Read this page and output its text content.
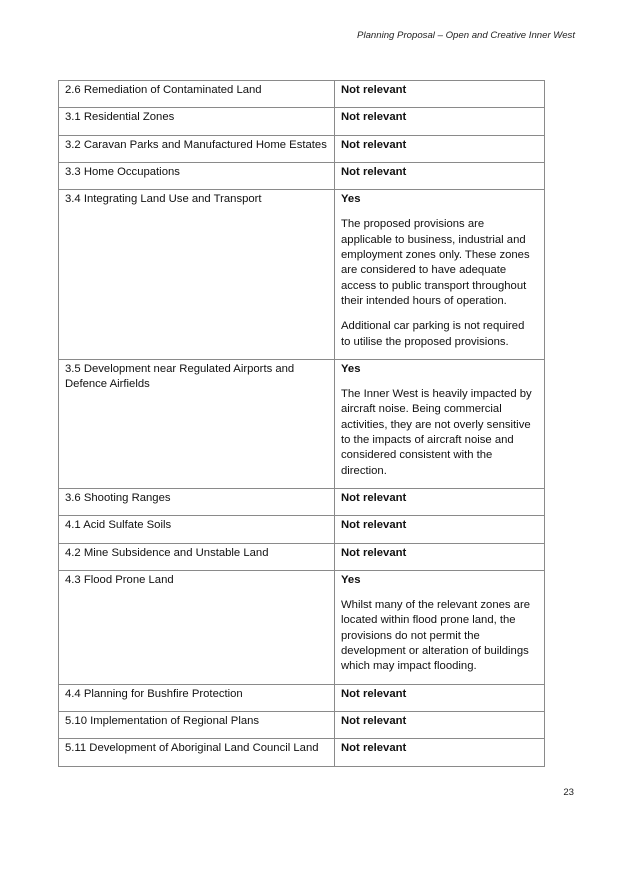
Planning Proposal – Open and Creative Inner West
2.6 Remediation of Contaminated Land	Not relevant

3.1 Residential Zones	Not relevant

3.2 Caravan Parks and Manufactured Home Estates	Not relevant

3.3 Home Occupations	Not relevant

3.4 Integrating Land Use and Transport	Yes
The proposed provisions are applicable to business, industrial and employment zones only. These zones are considered to have adequate access to public transport throughout their intended hours of operation.
Additional car parking is not required to utilise the proposed provisions.

3.5 Development near Regulated Airports and Defence Airfields	Yes
The Inner West is heavily impacted by aircraft noise. Being commercial activities, they are not overly sensitive to the impacts of aircraft noise and considered consistent with the direction.

3.6 Shooting Ranges	Not relevant

4.1 Acid Sulfate Soils	Not relevant

4.2 Mine Subsidence and Unstable Land	Not relevant

4.3 Flood Prone Land	Yes
Whilst many of the relevant zones are located within flood prone land, the provisions do not permit the development or alteration of buildings which may impact flooding.

4.4 Planning for Bushfire Protection	Not relevant

5.10 Implementation of Regional Plans	Not relevant

5.11 Development of Aboriginal Land Council Land	Not relevant
23
